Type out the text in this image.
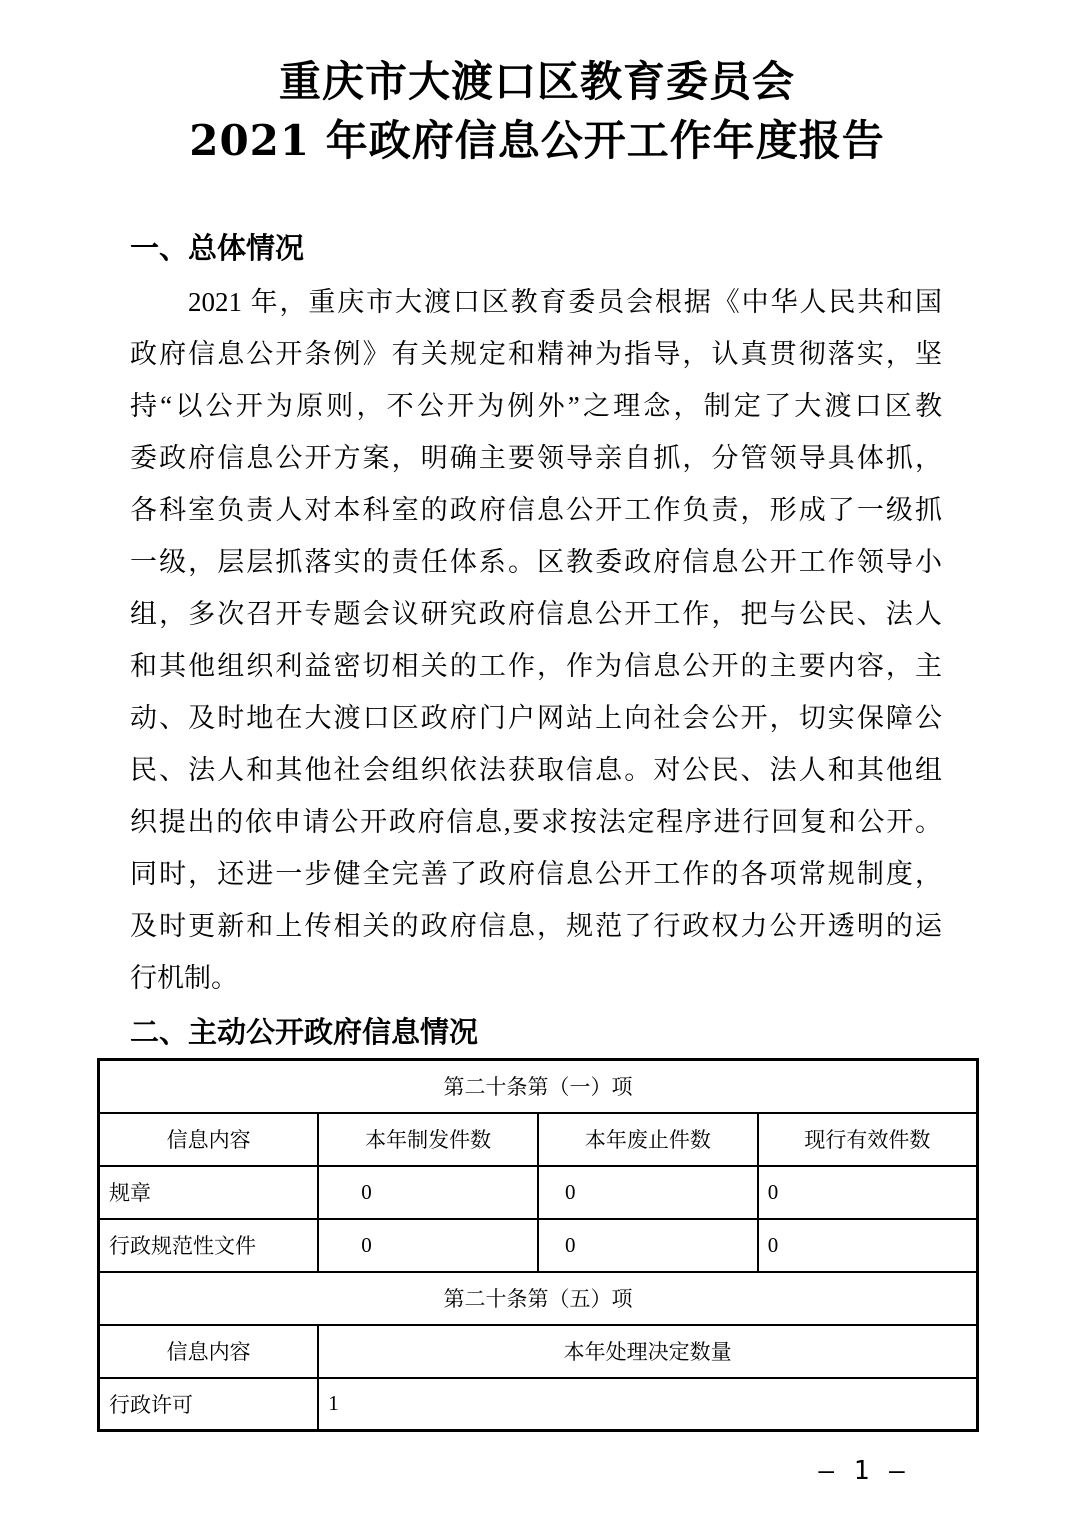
重庆市大渡口区教育委员会
2021 年政府信息公开工作年度报告
一、总体情况
2021 年，重庆市大渡口区教育委员会根据《中华人民共和国
政府信息公开条例》有关规定和精神为指导，认真贯彻落实，坚
持“以公开为原则，不公开为例外”之理念，制定了大渡口区教
委政府信息公开方案，明确主要领导亲自抓，分管领导具体抓，
各科室负责人对本科室的政府信息公开工作负责，形成了一级抓
一级，层层抓落实的责任体系。区教委政府信息公开工作领导小
组，多次召开专题会议研究政府信息公开工作，把与公民、法人
和其他组织利益密切相关的工作，作为信息公开的主要内容，主
动、及时地在大渡口区政府门户网站上向社会公开，切实保障公
民、法人和其他社会组织依法获取信息。对公民、法人和其他组
织提出的依申请公开政府信息,要求按法定程序进行回复和公开。
同时，还进一步健全完善了政府信息公开工作的各项常规制度，
及时更新和上传相关的政府信息，规范了行政权力公开透明的运
行机制。
二、主动公开政府信息情况
第二十条第（一）项			
信息内容	本年制发件数	本年废止件数	现行有效件数
规章	0	0	0
行政规范性文件	0	0	0
第二十条第（五）项			
信息内容	本年处理决定数量		
行政许可	1		
— 1 —
